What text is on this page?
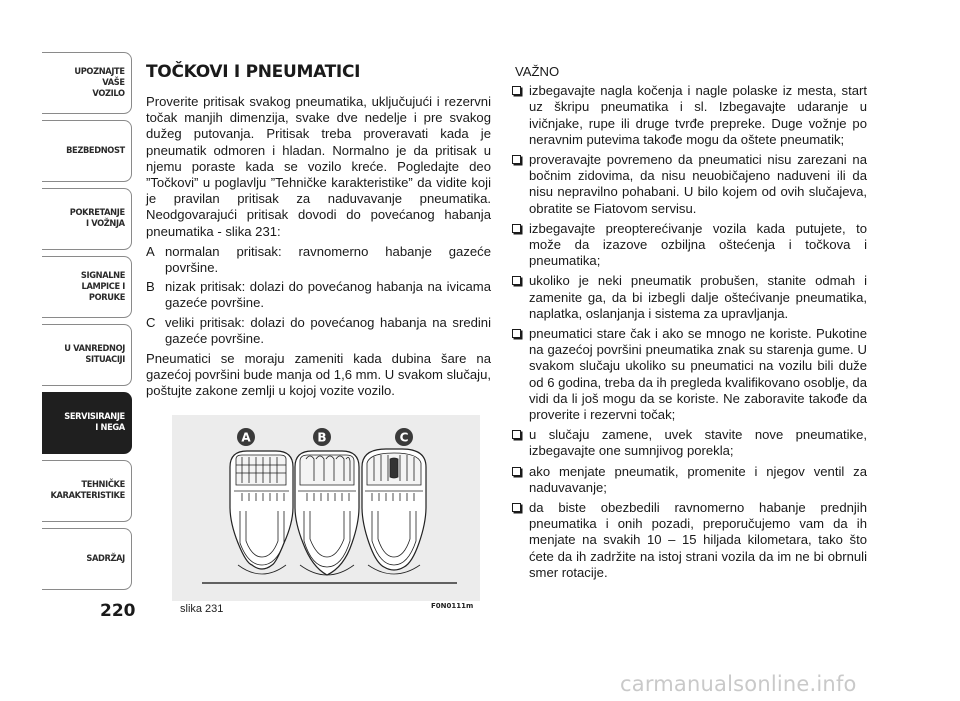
UPOZNAJTE
VAŠE
VOZILO
BEZBEDNOST
POKRETANJE
I VOŽNJA
SIGNALNE
LAMPICE I PORUKE
U VANREDNOJ
SITUACIJI
SERVISIRANJE
I NEGA
TEHNIČKE
KARAKTERISTIKE
SADRŽAJ
220
TOČKOVI I PNEUMATICI

Proverite pritisak svakog pneumatika, uključujući i rezervni točak manjih dimenzija, svake dve nedelje i pre svakog dužeg putovanja. Pritisak treba proveravati kada je pneumatik odmoren i hladan. Normalno je da pritisak u njemu poraste kada se vozilo kreće. Pogledajte deo ”Točkovi” u poglavlju ”Tehničke karakteristike” da vidite koji je pravilan pritisak za naduvavanje pneumatika. Neodgovarajući pritisak dovodi do povećanog habanja pneumatika - slika 231:

A normalan pritisak: ravnomerno habanje gazeće površine.
B nizak pritisak: dolazi do povećanog habanja na ivicama gazeće površine.
C veliki pritisak: dolazi do povećanog habanja na sredini gazeće površine.

Pneumatici se moraju zameniti kada dubina šare na gazećoj površini bude manja od 1,6 mm. U svakom slučaju, poštujte zakone zemlji u kojoj vozite vozilo.

A	B	C
slika 231	F0N0111m
VAŽNO
izbegavajte nagla kočenja i nagle polaske iz mesta, start uz škripu pneumatika i sl. Izbegavajte udaranje u ivičnjake, rupe ili druge tvrđe prepreke. Duge vožnje po neravnim putevima takođe mogu da oštete pneumatik;
proveravajte povremeno da pneumatici nisu zarezani na bočnim zidovima, da nisu neuobičajeno naduveni ili da nisu nepravilno pohabani. U bilo kojem od ovih slučajeva, obratite se Fiatovom servisu.
izbegavajte preopterećivanje vozila kada putujete, to može da izazove ozbiljna oštećenja i točkova i pneumatika;
ukoliko je neki pneumatik probušen, stanite odmah i zamenite ga, da bi izbegli dalje oštećivanje pneumatika, naplatka, oslanjanja i sistema za upravljanja.
pneumatici stare čak i ako se mnogo ne koriste. Pukotine na gazećoj površini pneumatika znak su starenja gume. U svakom slučaju ukoliko su pneumatici na vozilu bili duže od 6 godina, treba da ih pregleda kvalifikovano osoblje, da vidi da li još mogu da se koriste. Ne zaboravite takođe da proverite i rezervni točak;
u slučaju zamene, uvek stavite nove pneumatike, izbegavajte one sumnjivog porekla;
ako menjate pneumatik, promenite i njegov ventil za naduvavanje;
da biste obezbedili ravnomerno habanje prednjih pneumatika i onih pozadi, preporučujemo vam da ih menjate na svakih 10 – 15 hiljada kilometara, tako što ćete da ih zadržite na istoj strani vozila da im ne bi obrnuli smer rotacije.
carmanualsonline.info
